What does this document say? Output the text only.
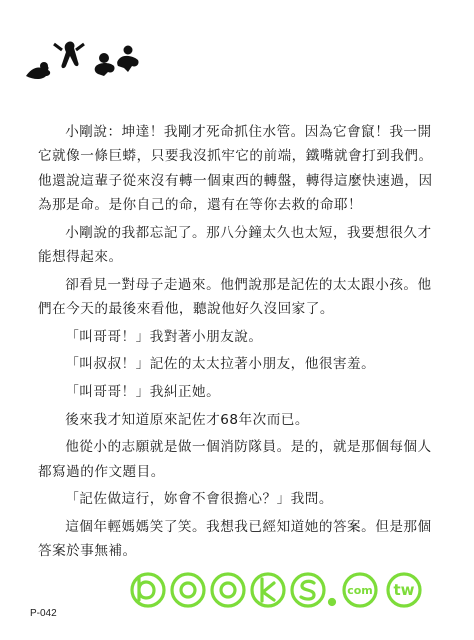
小剛說：坤達！我剛才死命抓住水管。因為它會竄！我一開它就像一條巨蟒，只要我沒抓牢它的前端，鐵嘴就會打到我們。他還說這輩子從來沒有轉一個東西的轉盤，轉得這麼快速過，因為那是命。是你自己的命，還有在等你去救的命耶！

小剛說的我都忘記了。那八分鐘太久也太短，我要想很久才能想得起來。

卻看見一對母子走過來。他們說那是記佐的太太跟小孩。他們在今天的最後來看他，聽說他好久沒回家了。

「叫哥哥！」我對著小朋友說。

「叫叔叔！」記佐的太太拉著小朋友，他很害羞。

「叫哥哥！」我糾正她。

後來我才知道原來記佐才68年次而已。

他從小的志願就是做一個消防隊員。是的，就是那個每個人都寫過的作文題目。

「記佐做這行，妳會不會很擔心？」我問。

這個年輕媽媽笑了笑。我想我已經知道她的答案。但是那個答案於事無補。

com tw
P-042
